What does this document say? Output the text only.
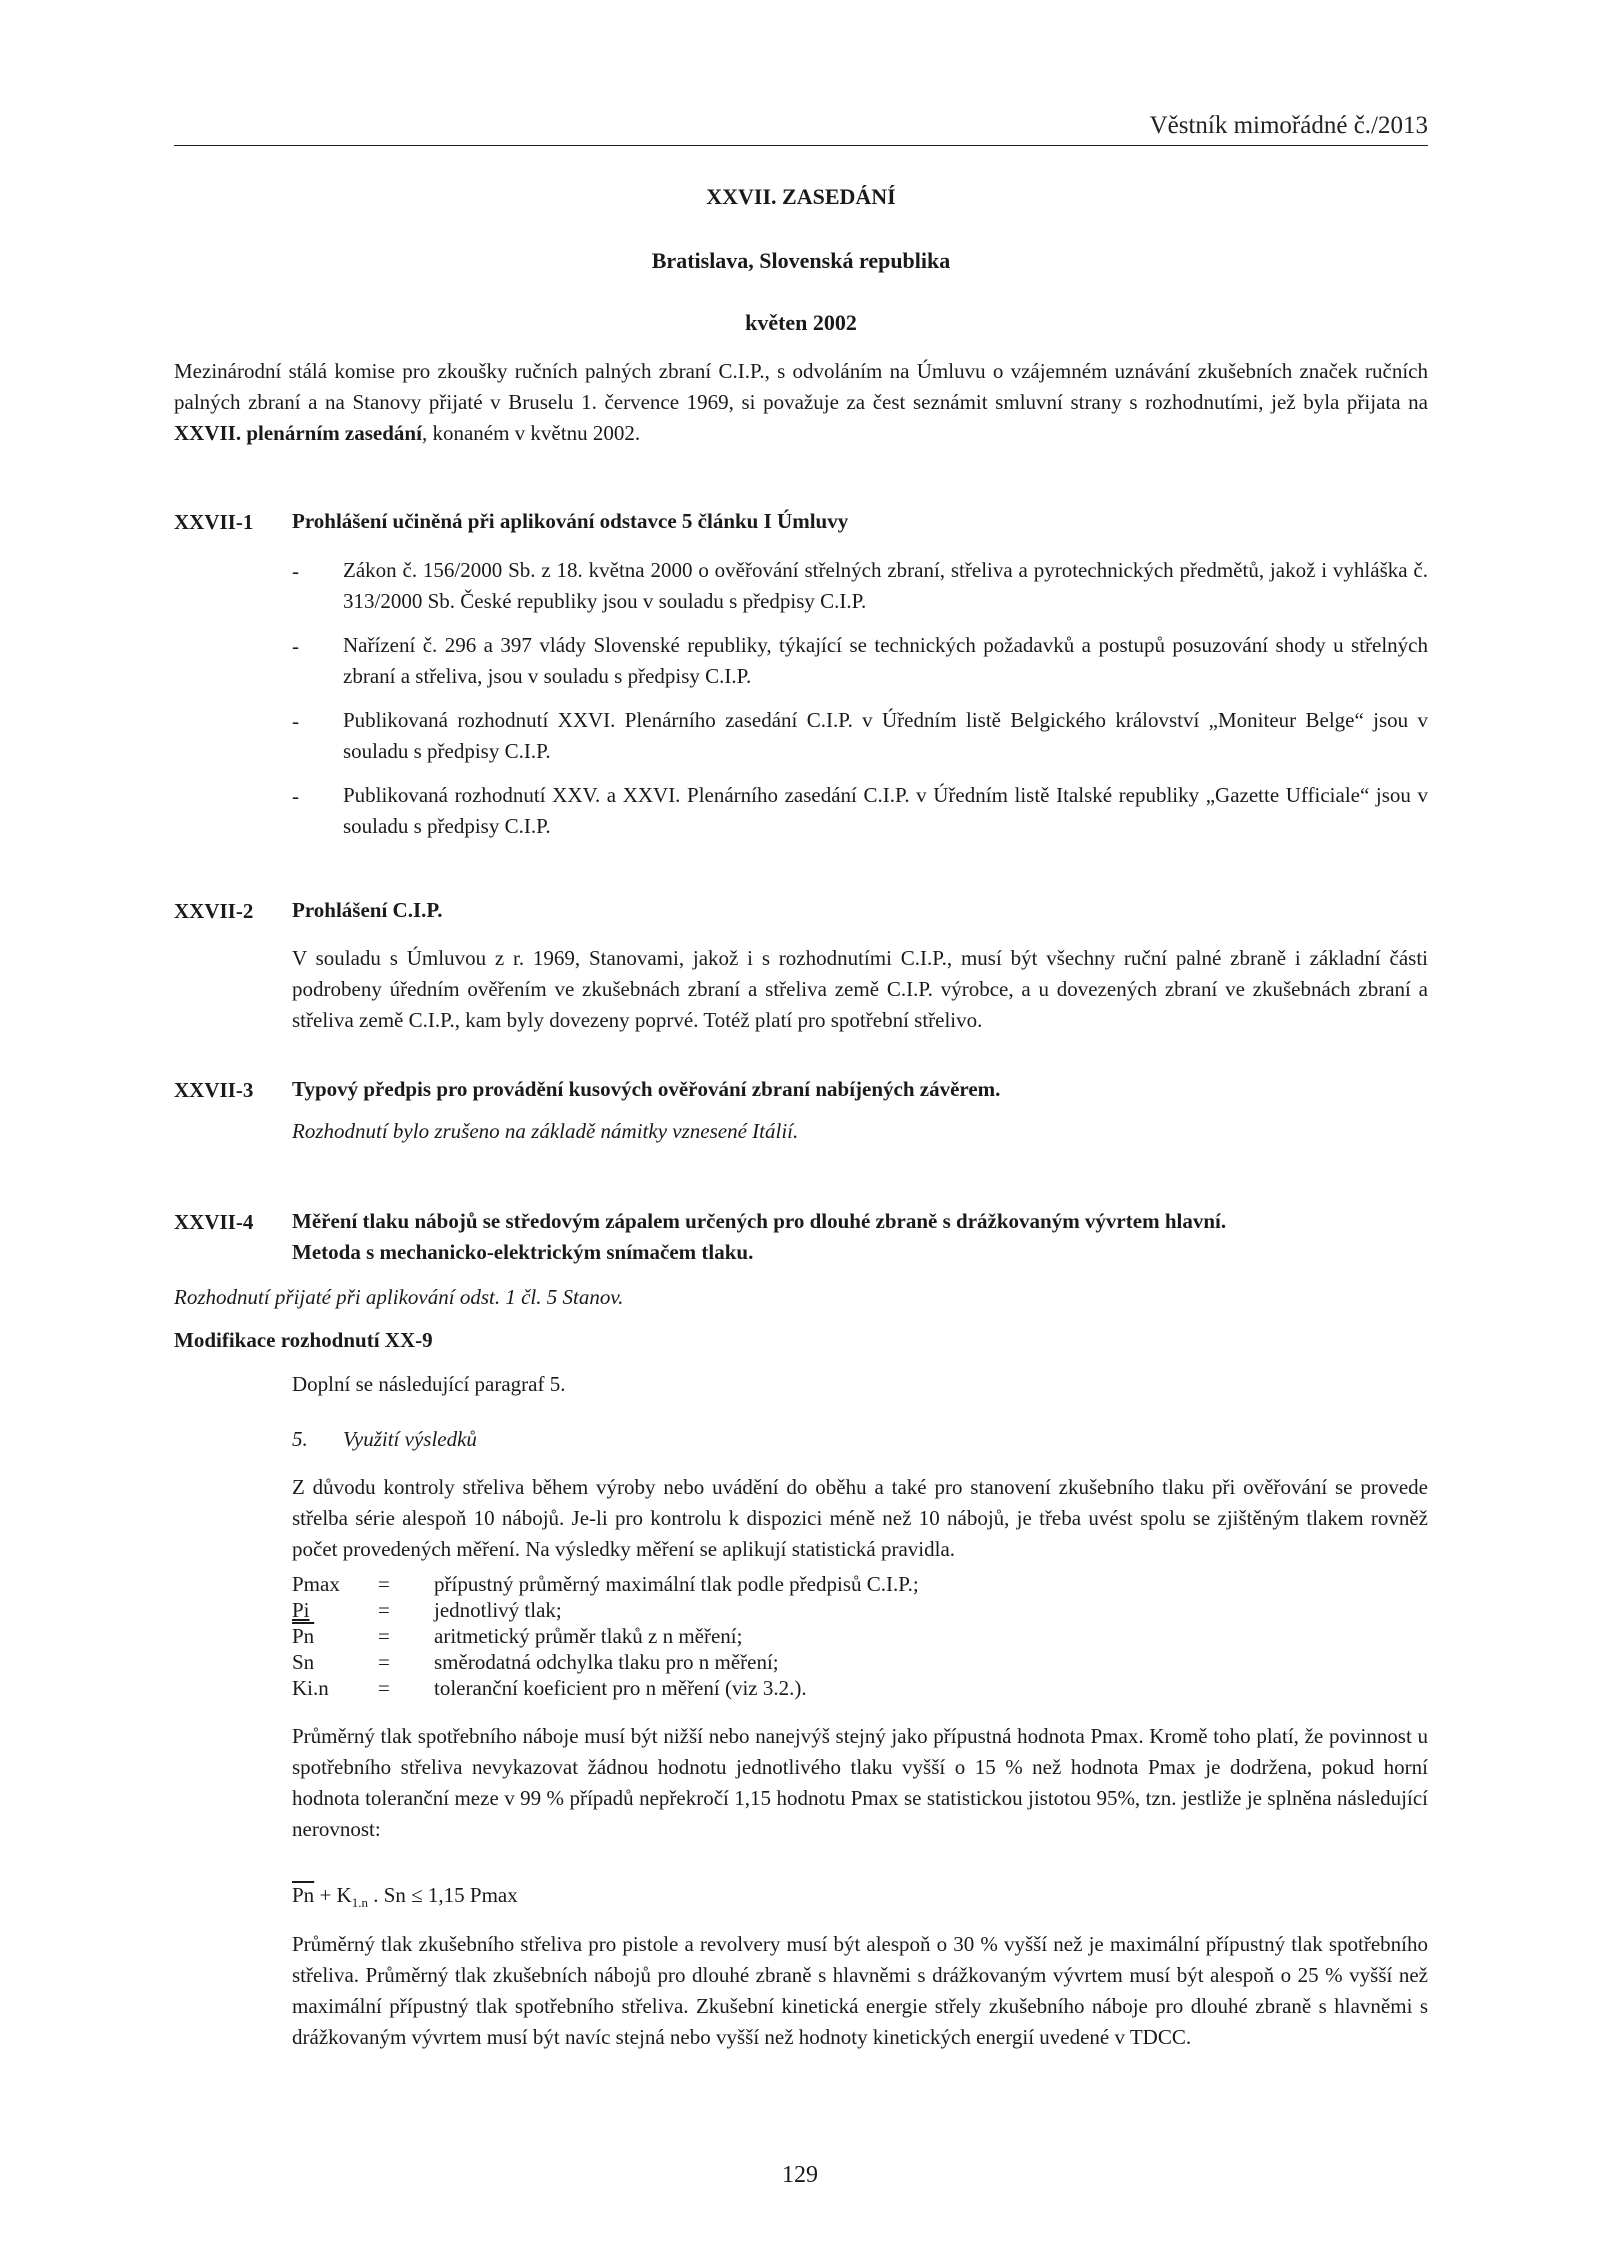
Věstník mimořádné č./2013
XXVII. ZASEDÁNÍ
Bratislava, Slovenská republika
květen 2002
Mezinárodní stálá komise pro zkoušky ručních palných zbraní C.I.P., s odvoláním na Úmluvu o vzájemném uznávání zkušebních značek ručních palných zbraní a na Stanovy přijaté v Bruselu 1. července 1969, si považuje za čest seznámit smluvní strany s rozhodnutími, jež byla přijata na XXVII. plenárním zasedání, konaném v květnu 2002.
XXVII-1 Prohlášení učiněná při aplikování odstavce 5 článku I Úmluvy
- Zákon č. 156/2000 Sb. z 18. května 2000 o ověřování střelných zbraní, střeliva a pyrotechnických předmětů, jakož i vyhláška č. 313/2000 Sb. České republiky jsou v souladu s předpisy C.I.P.
- Nařízení č. 296 a 397 vlády Slovenské republiky, týkající se technických požadavků a postupů posuzování shody u střelných zbraní a střeliva, jsou v souladu s předpisy C.I.P.
- Publikovaná rozhodnutí XXVI. Plenárního zasedání C.I.P. v Úředním listě Belgického království „Moniteur Belge“ jsou v souladu s předpisy C.I.P.
- Publikovaná rozhodnutí XXV. a XXVI. Plenárního zasedání C.I.P. v Úředním listě Italské republiky „Gazette Ufficiale“ jsou v souladu s předpisy C.I.P.
XXVII-2 Prohlášení C.I.P.
V souladu s Úmluvou z r. 1969, Stanovami, jakož i s rozhodnutími C.I.P., musí být všechny ruční palné zbraně i základní části podrobeny úředním ověřením ve zkušebnách zbraní a střeliva země C.I.P. výrobce, a u dovezených zbraní ve zkušebnách zbraní a střeliva země C.I.P., kam byly dovezeny poprvé. Totéž platí pro spotřební střelivo.
XXVII-3 Typový předpis pro provádění kusových ověřování zbraní nabíjených závěrem.
Rozhodnutí bylo zrušeno na základě námitky vznesené Itálií.
XXVII-4 Měření tlaku nábojů se středovým zápalem určených pro dlouhé zbraně s drážkovaným vývrtem hlavní.
Metoda s mechanicko-elektrickým snímačem tlaku.
Rozhodnutí přijaté při aplikování odst. 1 čl. 5 Stanov.
Modifikace rozhodnutí XX-9
Doplní se následující paragraf 5.
5. Využití výsledků
Z důvodu kontroly střeliva během výroby nebo uvádění do oběhu a také pro stanovení zkušebního tlaku při ověřování se provede střelba série alespoň 10 nábojů. Je-li pro kontrolu k dispozici méně než 10 nábojů, je třeba uvést spolu se zjištěným tlakem rovněž počet provedených měření. Na výsledky měření se aplikují statistická pravidla.
Pmax	=	přípustný průměrný maximální tlak podle předpisů C.I.P.;
Pi	=	jednotlivý tlak;
$\overline{Pn}$	=	aritmetický průměr tlaků z n měření;
Sn	=	směrodatná odchylka tlaku pro n měření;
Ki.n	=	toleranční koeficient pro n měření (viz 3.2.).
Průměrný tlak spotřebního náboje musí být nižší nebo nanejvýš stejný jako přípustná hodnota Pmax. Kromě toho platí, že povinnost u spotřebního střeliva nevykazovat žádnou hodnotu jednotlivého tlaku vyšší o 15 % než hodnota Pmax je dodržena, pokud horní hodnota toleranční meze v 99 % případů nepřekročí 1,15 hodnotu Pmax se statistickou jistotou 95%, tzn. jestliže je splněna následující nerovnost:
$\overline{Pn} + K_{1.n}$ . Sn ≤ 1,15 Pmax
Průměrný tlak zkušebního střeliva pro pistole a revolvery musí být alespoň o 30 % vyšší než je maximální přípustný tlak spotřebního střeliva. Průměrný tlak zkušebních nábojů pro dlouhé zbraně s hlavněmi s drážkovaným vývrtem musí být alespoň o 25 % vyšší než maximální přípustný tlak spotřebního střeliva. Zkušební kinetická energie střely zkušebního náboje pro dlouhé zbraně s hlavněmi s drážkovaným vývrtem musí být navíc stejná nebo vyšší než hodnoty kinetických energií uvedené v TDCC.
129
